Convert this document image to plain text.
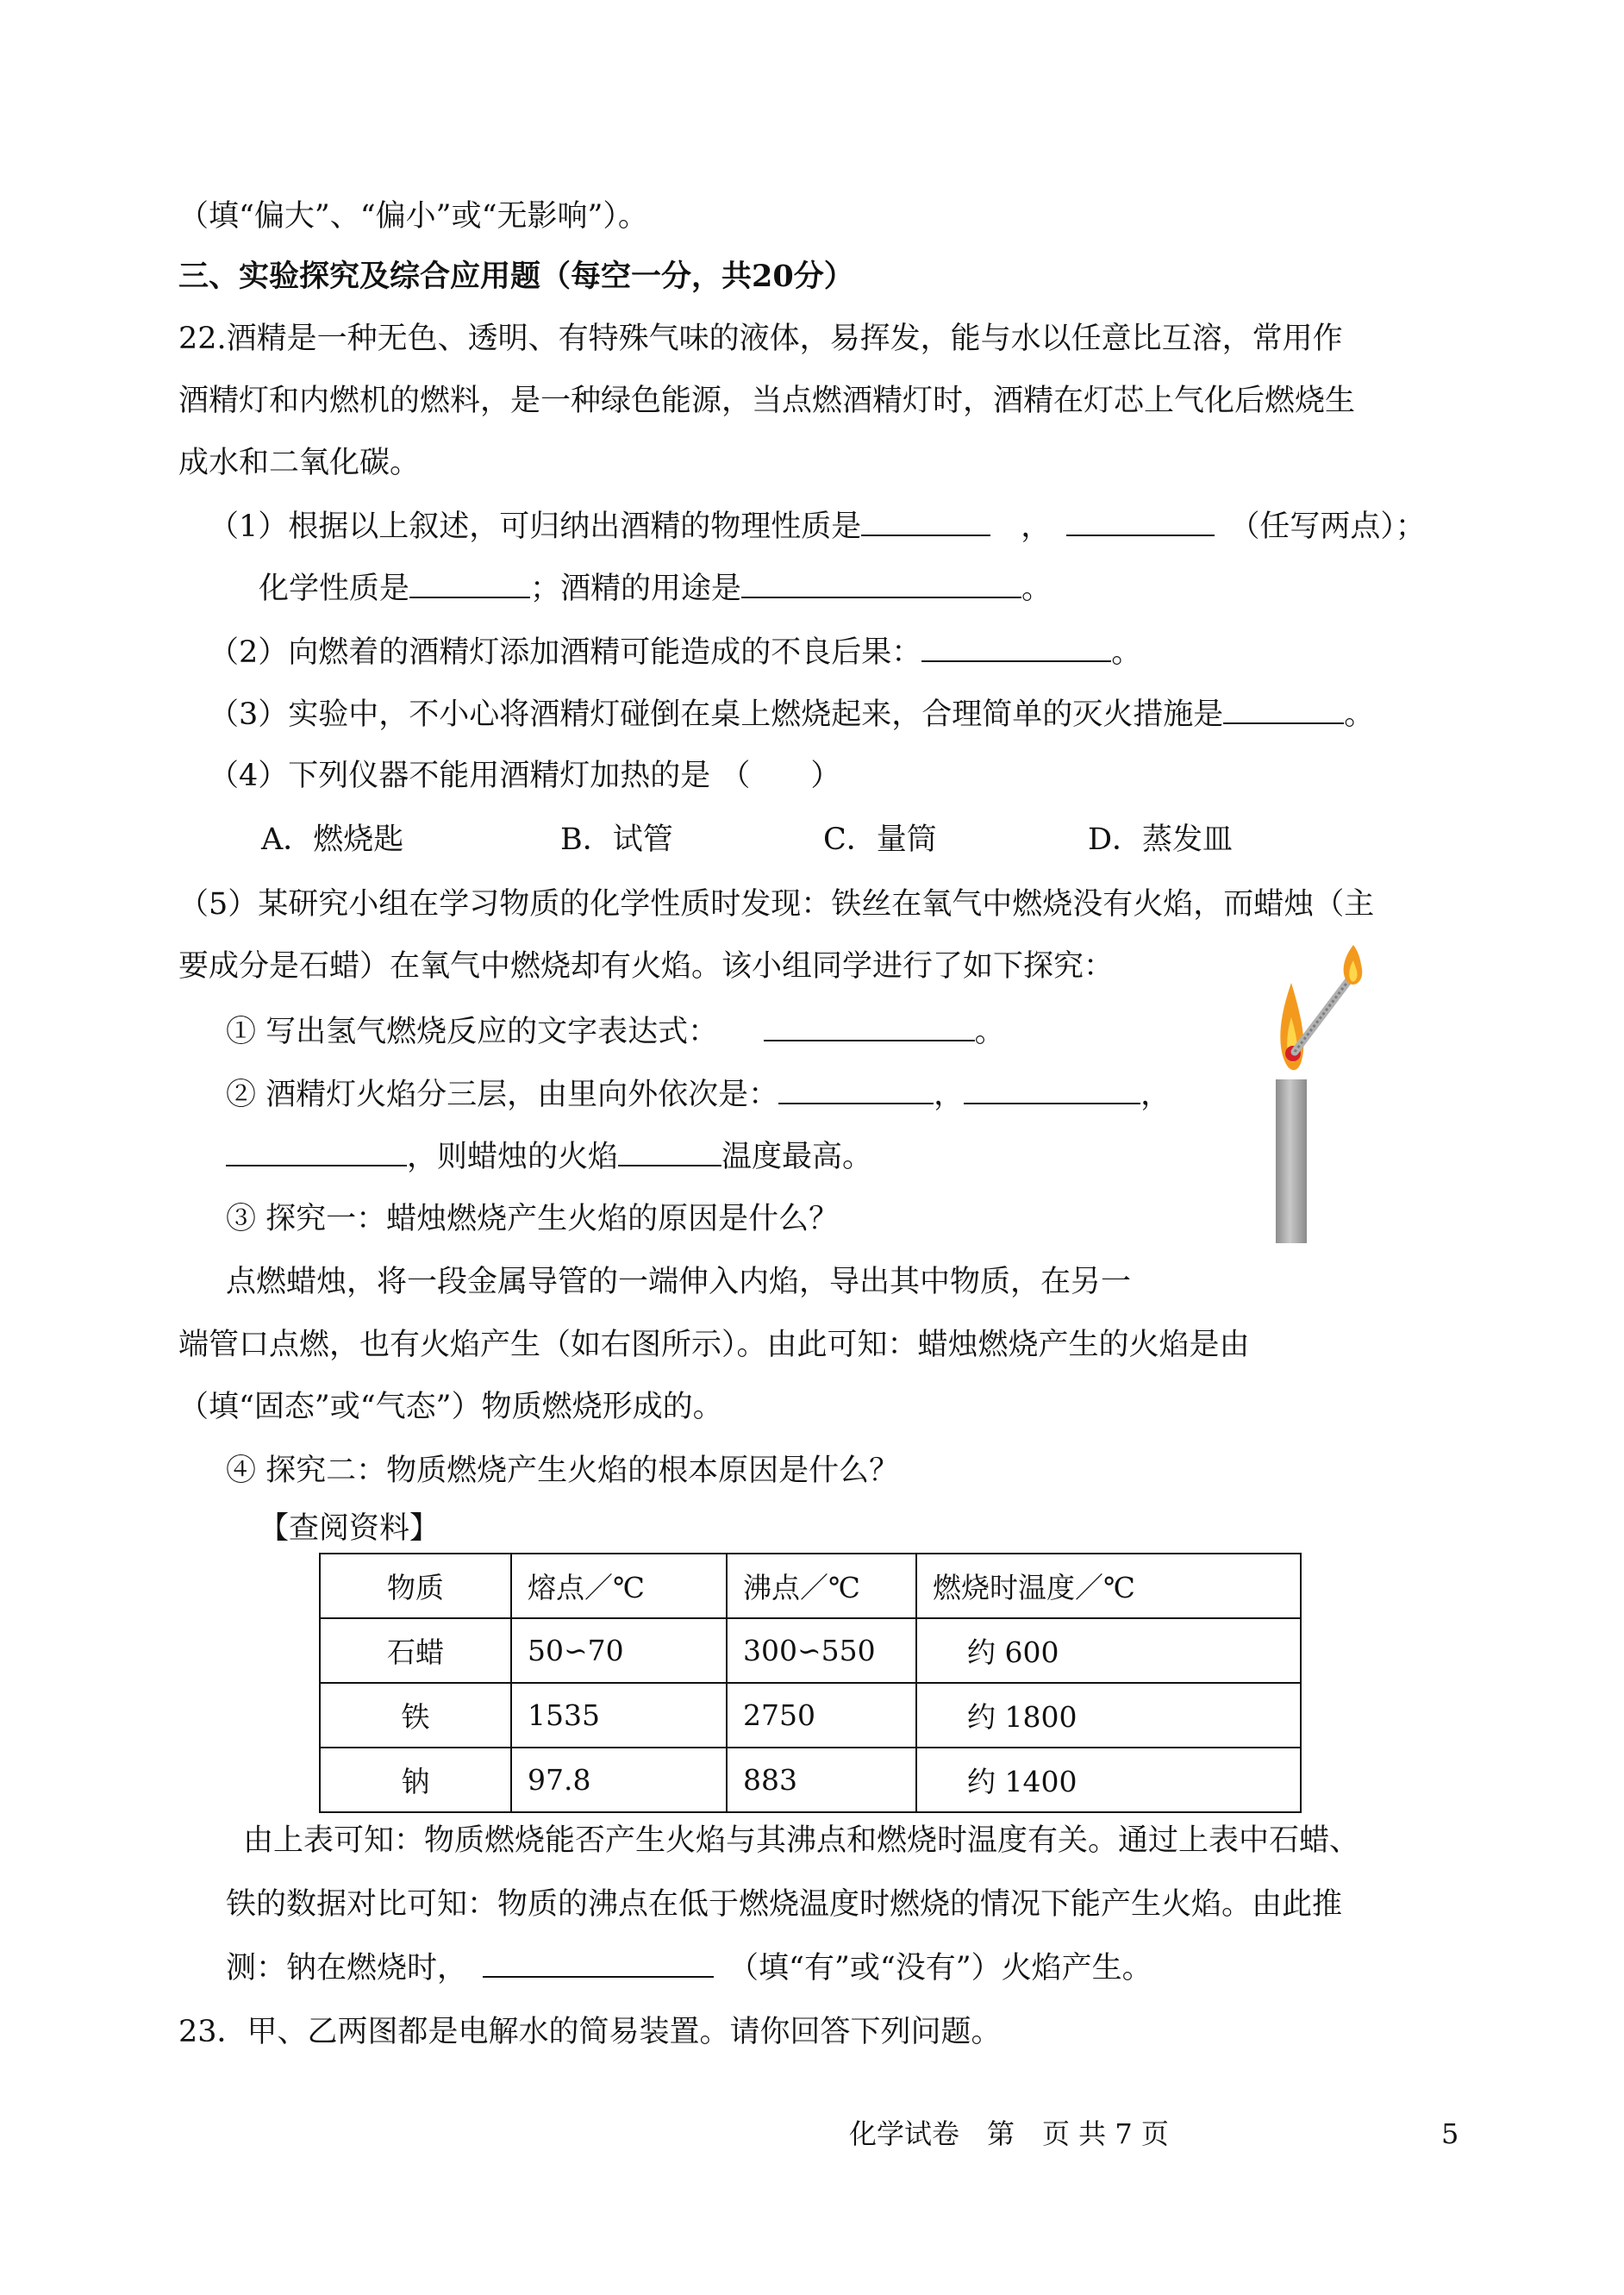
（填“偏大”、“偏小”或“无影响”）。
三、实验探究及综合应用题（每空一分，共20分）
22.酒精是一种无色、透明、有特殊气味的液体，易挥发，能与水以任意比互溶，常用作
酒精灯和内燃机的燃料，是一种绿色能源，当点燃酒精灯时，酒精在灯芯上气化后燃烧生
成水和二氧化碳。
（1）根据以上叙述，可归纳出酒精的物理性质是　	，　　	（任写两点）；
化学性质是	；酒精的用途是	。
（2）向燃着的酒精灯添加酒精可能造成的不良后果：	。
（3）实验中，不小心将酒精灯碰倒在桌上燃烧起来，合理简单的灭火措施是	。
（4）下列仪器不能用酒精灯加热的是 （　　）
A．燃烧匙	B．试管	C．量筒	D．蒸发皿
（5）某研究小组在学习物质的化学性质时发现：铁丝在氧气中燃烧没有火焰，而蜡烛（主
要成分是石蜡）在氧气中燃烧却有火焰。该小组同学进行了如下探究：
① 写出氢气燃烧反应的文字表达式：　　	。
② 酒精灯火焰分三层，由里向外依次是：	，	，
，则蜡烛的火焰	温度最高。
③ 探究一：蜡烛燃烧产生火焰的原因是什么？
点燃蜡烛，将一段金属导管的一端伸入内焰，导出其中物质，在另一
端管口点燃，也有火焰产生（如右图所示）。由此可知：蜡烛燃烧产生的火焰是由
（填“固态”或“气态”）物质燃烧形成的。
④ 探究二：物质燃烧产生火焰的根本原因是什么？
【查阅资料】
物质	熔点／℃	沸点／℃	燃烧时温度／℃
石蜡	50∽70	300∽550	约 600
铁	1535	2750	约 1800
钠	97.8	883	约 1400
由上表可知：物质燃烧能否产生火焰与其沸点和燃烧时温度有关。通过上表中石蜡、
铁的数据对比可知：物质的沸点在低于燃烧温度时燃烧的情况下能产生火焰。由此推
测：钠在燃烧时，　　	（填“有”或“没有”）火焰产生。
23．甲、乙两图都是电解水的简易装置。请你回答下列问题。
化学试卷　第　页 共 7 页	5
